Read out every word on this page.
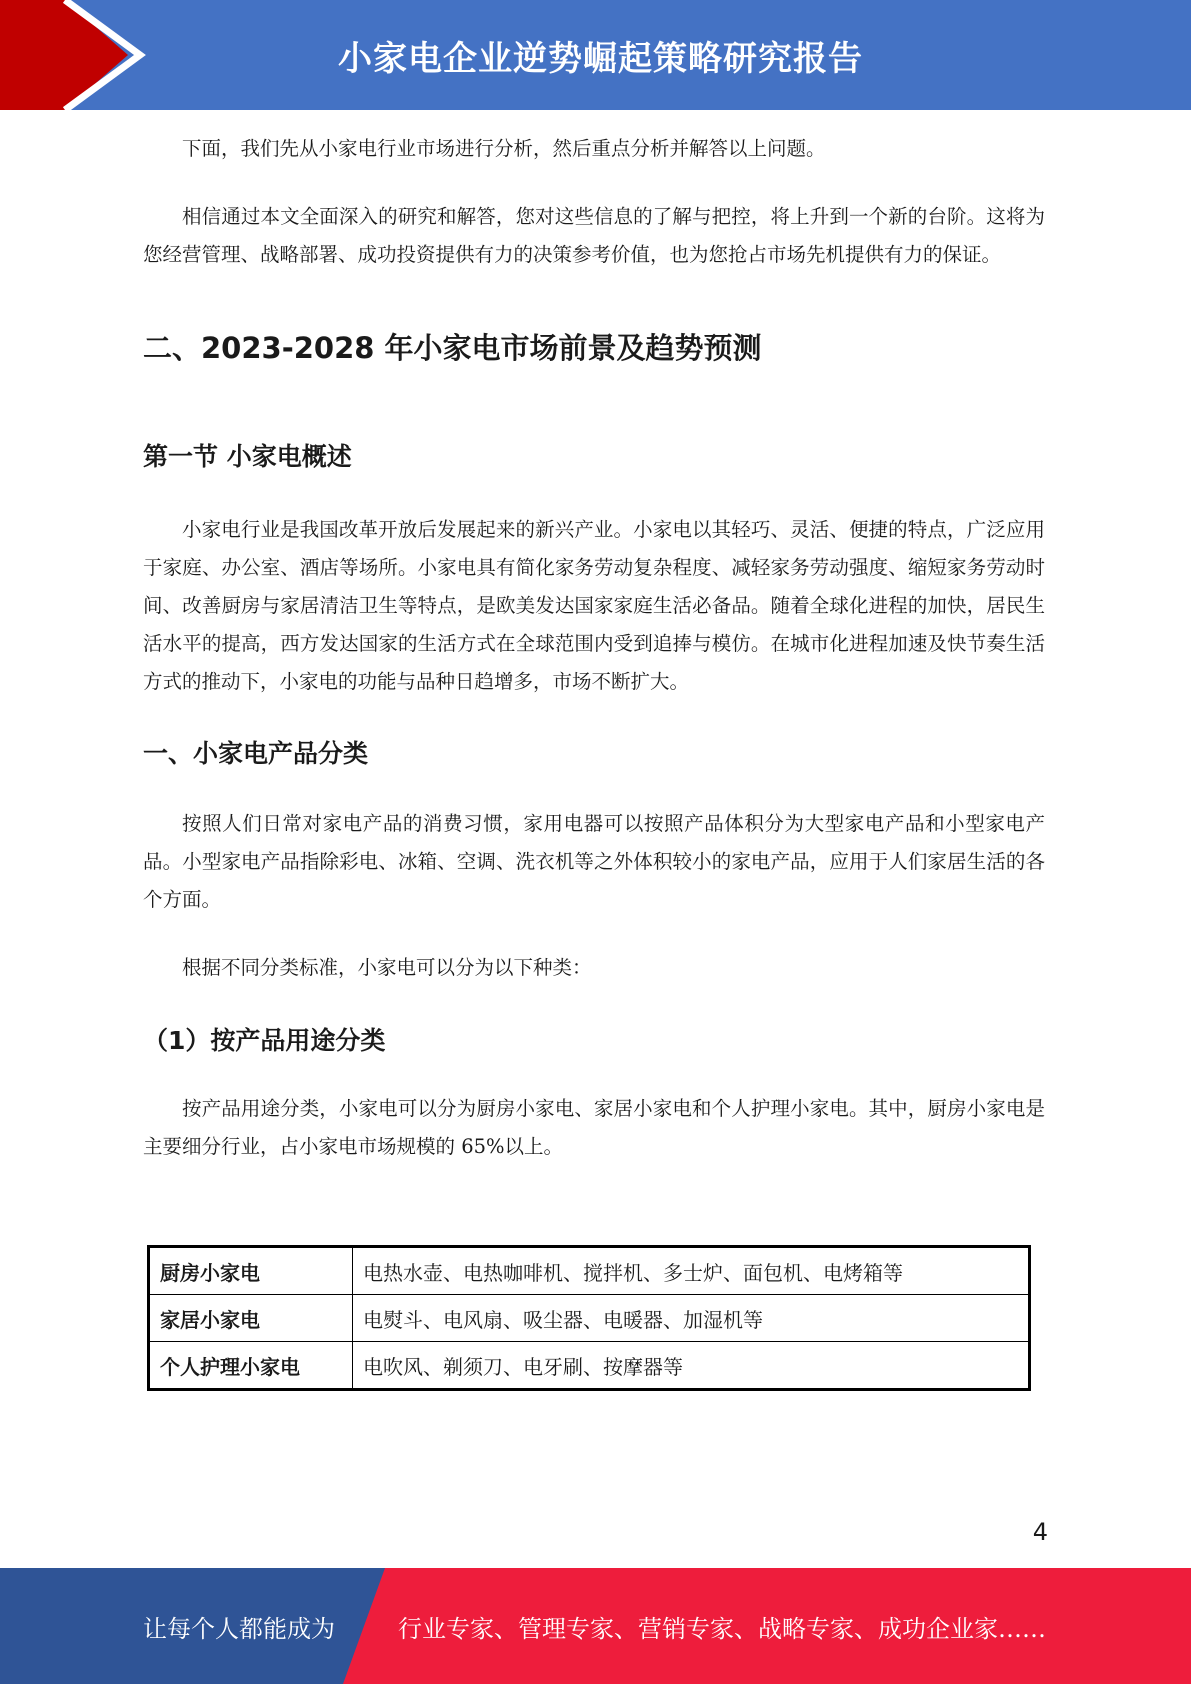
小家电企业逆势崛起策略研究报告

下面，我们先从小家电行业市场进行分析，然后重点分析并解答以上问题。

相信通过本文全面深入的研究和解答，您对这些信息的了解与把控，将上升到一个新的台阶。这将为您经营管理、战略部署、成功投资提供有力的决策参考价值，也为您抢占市场先机提供有力的保证。

二、2023-2028 年小家电市场前景及趋势预测
第一节 小家电概述

小家电行业是我国改革开放后发展起来的新兴产业。小家电以其轻巧、灵活、便捷的特点，广泛应用于家庭、办公室、酒店等场所。小家电具有简化家务劳动复杂程度、减轻家务劳动强度、缩短家务劳动时间、改善厨房与家居清洁卫生等特点，是欧美发达国家家庭生活必备品。随着全球化进程的加快，居民生活水平的提高，西方发达国家的生活方式在全球范围内受到追捧与模仿。在城市化进程加速及快节奏生活方式的推动下，小家电的功能与品种日趋增多，市场不断扩大。

一、小家电产品分类

按照人们日常对家电产品的消费习惯，家用电器可以按照产品体积分为大型家电产品和小型家电产品。小型家电产品指除彩电、冰箱、空调、洗衣机等之外体积较小的家电产品，应用于人们家居生活的各个方面。

根据不同分类标准，小家电可以分为以下种类：

（1）按产品用途分类

按产品用途分类，小家电可以分为厨房小家电、家居小家电和个人护理小家电。其中，厨房小家电是主要细分行业，占小家电市场规模的 65%以上。

厨房小家电	电热水壶、电热咖啡机、搅拌机、多士炉、面包机、电烤箱等
家居小家电	电熨斗、电风扇、吸尘器、电暖器、加湿机等
个人护理小家电	电吹风、剃须刀、电牙刷、按摩器等
4
让每个人都能成为	行业专家、管理专家、营销专家、战略专家、成功企业家……
